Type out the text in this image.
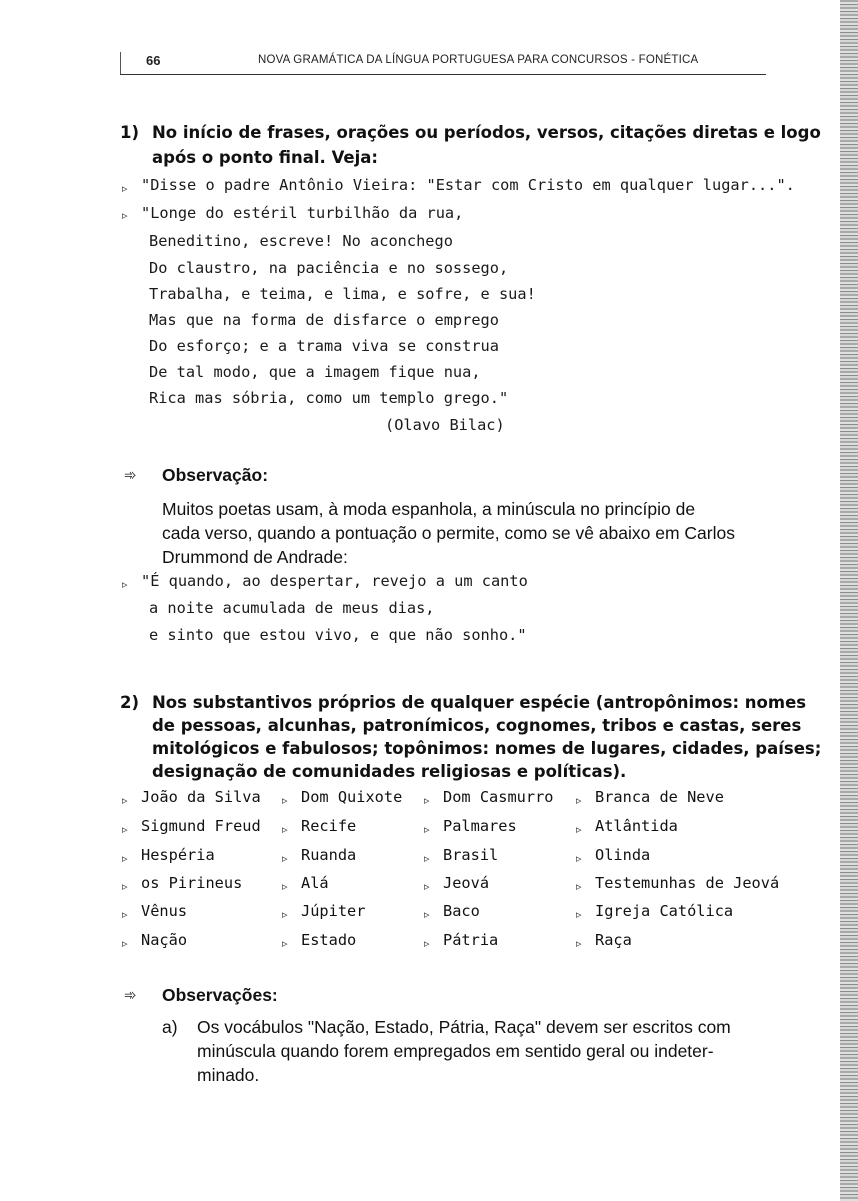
66	NOVA GRAMÁTICA DA LÍNGUA PORTUGUESA PARA CONCURSOS - FONÉTICA
1) No início de frases, orações ou períodos, versos, citações diretas e logo
após o ponto final. Veja:
▹ "Disse o padre Antônio Vieira: "Estar com Cristo em qualquer lugar...".
▹ "Longe do estéril turbilhão da rua,
Beneditino, escreve! No aconchego
Do claustro, na paciência e no sossego,
Trabalha, e teima, e lima, e sofre, e sua!
Mas que na forma de disfarce o emprego
Do esforço; e a trama viva se construa
De tal modo, que a imagem fique nua,
Rica mas sóbria, como um templo grego."
(Olavo Bilac)
➾ Observação:
Muitos poetas usam, à moda espanhola, a minúscula no princípio de
cada verso, quando a pontuação o permite, como se vê abaixo em Carlos
Drummond de Andrade:
▹ "É quando, ao despertar, revejo a um canto
a noite acumulada de meus dias,
e sinto que estou vivo, e que não sonho."
2) Nos substantivos próprios de qualquer espécie (antropônimos: nomes
de pessoas, alcunhas, patronímicos, cognomes, tribos e castas, seres
mitológicos e fabulosos; topônimos: nomes de lugares, cidades, países;
designação de comunidades religiosas e políticas).
▹ João da Silva ▹ Dom Quixote ▹ Dom Casmurro ▹ Branca de Neve
▹ Sigmund Freud ▹ Recife	▹ Palmares	▹ Atlântida
▹ Hespéria	▹ Ruanda	▹ Brasil	▹ Olinda
▹ os Pirineus	▹ Alá	▹ Jeová	▹ Testemunhas de Jeová
▹ Vênus	▹ Júpiter	▹ Baco	▹ Igreja Católica
▹ Nação	▹ Estado	▹ Pátria	▹ Raça
➾ Observações:
a) Os vocábulos "Nação, Estado, Pátria, Raça" devem ser escritos com
minúscula quando forem empregados em sentido geral ou indeter-
minado.
